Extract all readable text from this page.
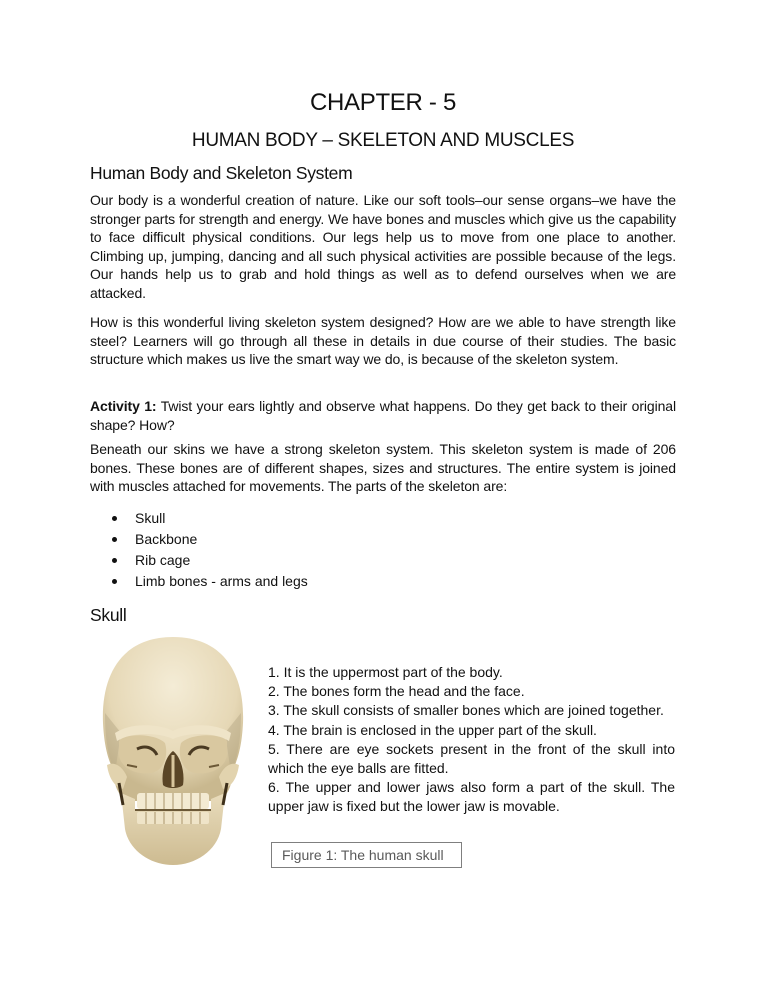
CHAPTER - 5
HUMAN BODY – SKELETON AND MUSCLES
Human Body and Skeleton System

Our body is a wonderful creation of nature. Like our soft tools–our sense organs–we have the stronger parts for strength and energy. We have bones and muscles which give us the capability to face difficult physical conditions. Our legs help us to move from one place to another. Climbing up, jumping, dancing and all such physical activities are possible because of the legs. Our hands help us to grab and hold things as well as to defend ourselves when we are attacked.

How is this wonderful living skeleton system designed? How are we able to have strength like steel? Learners will go through all these in details in due course of their studies. The basic structure which makes us live the smart way we do, is because of the skeleton system.

Activity 1: Twist your ears lightly and observe what happens. Do they get back to their original shape? How?

Beneath our skins we have a strong skeleton system. This skeleton system is made of 206 bones. These bones are of different shapes, sizes and structures. The entire system is joined with muscles attached for movements. The parts of the skeleton are:

Skull
Backbone
Rib cage
Limb bones - arms and legs
Skull
1. It is the uppermost part of the body.
2. The bones form the head and the face.
3. The skull consists of smaller bones which are joined together.
4. The brain is enclosed in the upper part of the skull.
5. There are eye sockets present in the front of the skull into which the eye balls are fitted.
6. The upper and lower jaws also form a part of the skull. The upper jaw is fixed but the lower jaw is movable.
Figure 1: The human skull
